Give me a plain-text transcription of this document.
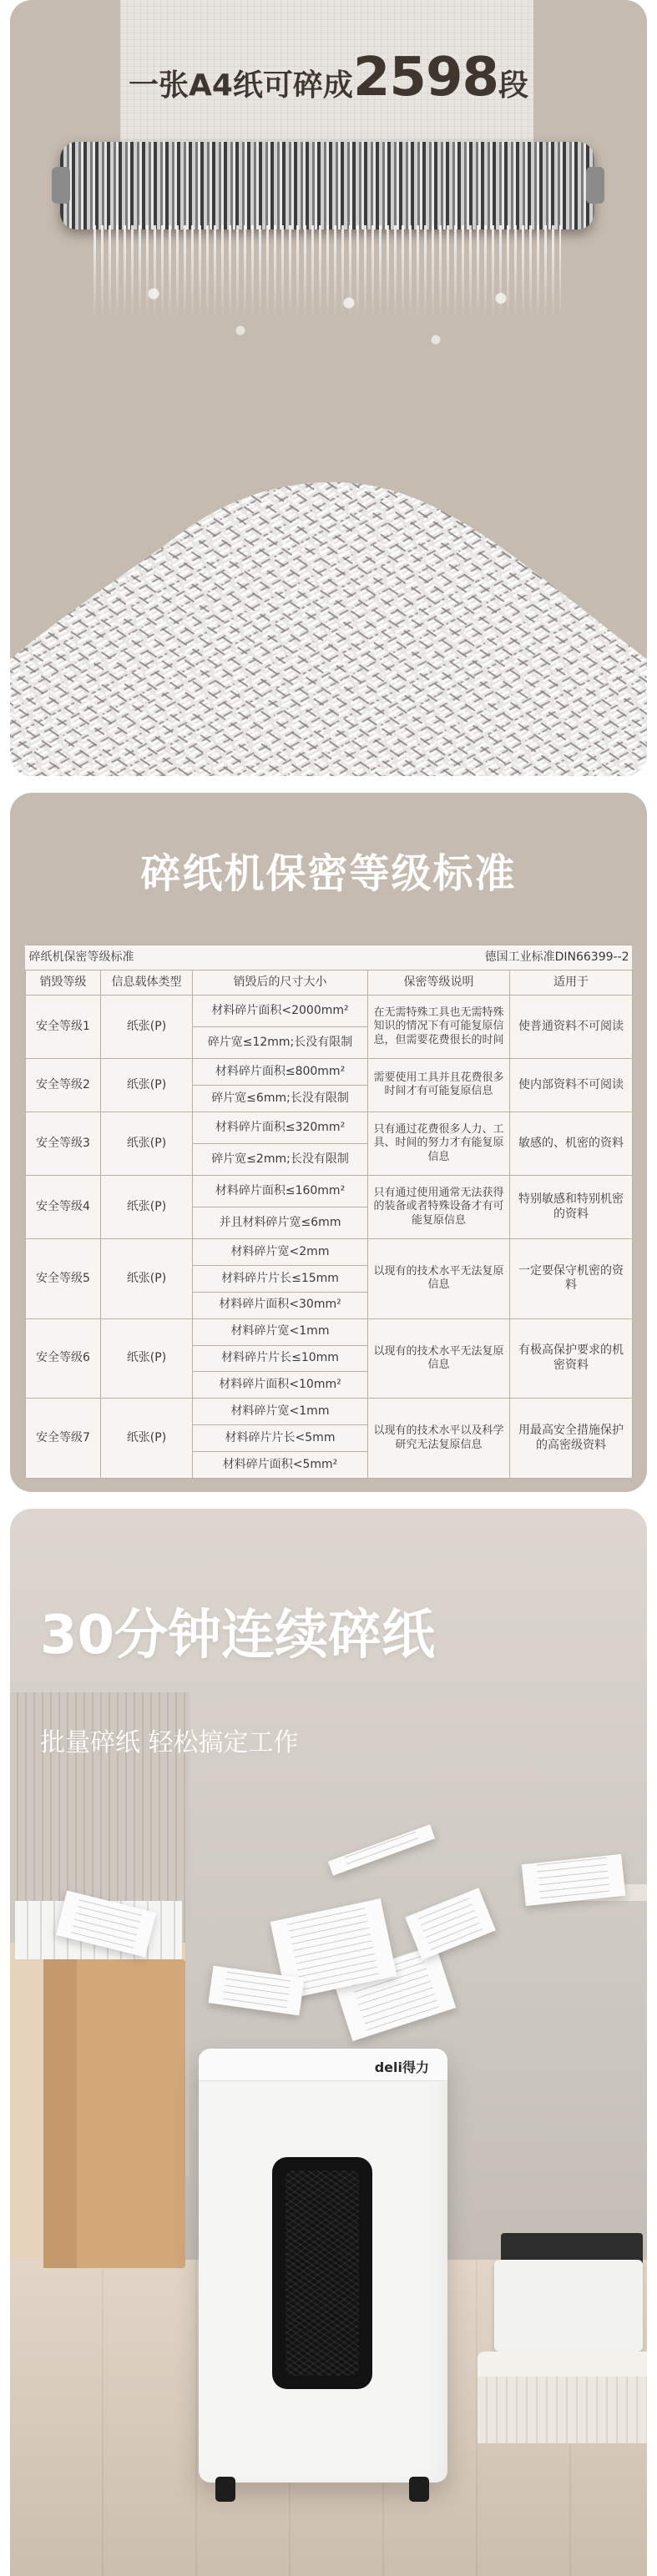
一张A4纸可碎成2598段
碎纸机保密等级标准
碎纸机保密等级标准			德国工业标准DIN66399--2	
销毁等级	信息载体类型	销毁后的尺寸大小	保密等级说明	适用于
安全等级1	纸张(P)	材料碎片面积<2000mm²	在无需特殊工具也无需特殊知识的情况下有可能复原信息，但需要花费很长的时间	使普通资料不可阅读
		碎片宽≤12mm;长没有限制		
安全等级2	纸张(P)	材料碎片面积≤800mm²	需要使用工具并且花费很多时间才有可能复原信息	使内部资料不可阅读
		碎片宽≤6mm;长没有限制		
安全等级3	纸张(P)	材料碎片面积≤320mm²	只有通过花费很多人力、工具、时间的努力才有能复原信息	敏感的、机密的资料
		碎片宽≤2mm;长没有限制		
安全等级4	纸张(P)	材料碎片面积≤160mm²	只有通过使用通常无法获得的装备或者特殊设备才有可能复原信息	特别敏感和特别机密的资料
		并且材料碎片宽≤6mm		
安全等级5	纸张(P)	材料碎片宽<2mm	以现有的技术水平无法复原信息	一定要保守机密的资料
		材料碎片片长≤15mm		
		材料碎片面积<30mm²		
安全等级6	纸张(P)	材料碎片宽<1mm	以现有的技术水平无法复原信息	有极高保护要求的机密资料
		材料碎片片长≤10mm		
		材料碎片面积<10mm²		
安全等级7	纸张(P)	材料碎片宽<1mm	以现有的技术水平以及科学研究无法复原信息	用最高安全措施保护的高密级资料
		材料碎片片长<5mm		
		材料碎片面积<5mm²		
30分钟连续碎纸
批量碎纸 轻松搞定工作
deli得力
